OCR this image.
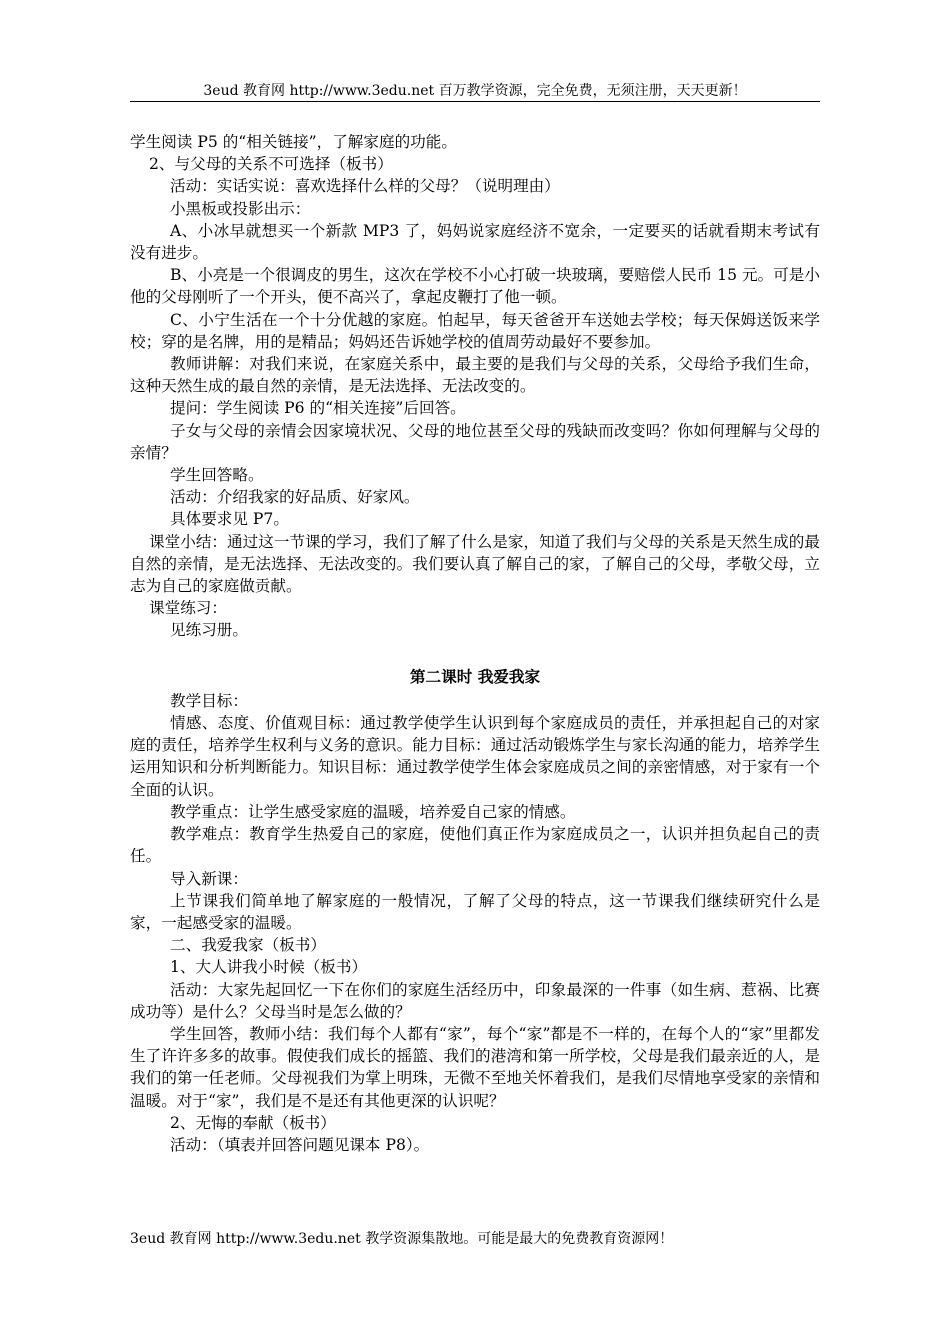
3eud 教育网 http://www.3edu.net 百万教学资源，完全免费，无须注册，天天更新！

学生阅读 P5 的“相关链接”，了解家庭的功能。

2、与父母的关系不可选择（板书）

活动：实话实说：喜欢选择什么样的父母？（说明理由）

小黑板或投影出示：

A、小冰早就想买一个新款 MP3 了，妈妈说家庭经济不宽余，一定要买的话就看期末考试有没有进步。

B、小亮是一个很调皮的男生，这次在学校不小心打破一块玻璃，要赔偿人民币 15 元。可是小他的父母刚听了一个开头，便不高兴了，拿起皮鞭打了他一顿。

C、小宁生活在一个十分优越的家庭。怕起早，每天爸爸开车送她去学校；每天保姆送饭来学校；穿的是名牌，用的是精品；妈妈还告诉她学校的值周劳动最好不要参加。

教师讲解：对我们来说，在家庭关系中，最主要的是我们与父母的关系，父母给予我们生命，这种天然生成的最自然的亲情，是无法选择、无法改变的。

提问：学生阅读 P6 的“相关连接”后回答。

子女与父母的亲情会因家境状况、父母的地位甚至父母的残缺而改变吗？你如何理解与父母的亲情？

学生回答略。

活动：介绍我家的好品质、好家风。

具体要求见 P7。

课堂小结：通过这一节课的学习，我们了解了什么是家，知道了我们与父母的关系是天然生成的最自然的亲情，是无法选择、无法改变的。我们要认真了解自己的家，了解自己的父母，孝敬父母，立志为自己的家庭做贡献。

课堂练习：

见练习册。

第二课时 我爱我家

教学目标：

情感、态度、价值观目标：通过教学使学生认识到每个家庭成员的责任，并承担起自己的对家庭的责任，培养学生权利与义务的意识。能力目标：通过活动锻炼学生与家长沟通的能力，培养学生运用知识和分析判断能力。知识目标：通过教学使学生体会家庭成员之间的亲密情感，对于家有一个全面的认识。

教学重点：让学生感受家庭的温暖，培养爱自己家的情感。

教学难点：教育学生热爱自己的家庭，使他们真正作为家庭成员之一，认识并担负起自己的责任。

导入新课：

上节课我们简单地了解家庭的一般情况，了解了父母的特点，这一节课我们继续研究什么是家，一起感受家的温暖。

二、我爱我家（板书）

1、大人讲我小时候（板书）

活动：大家先起回忆一下在你们的家庭生活经历中，印象最深的一件事（如生病、惹祸、比赛成功等）是什么？父母当时是怎么做的？

学生回答，教师小结：我们每个人都有“家”，每个“家”都是不一样的，在每个人的“家”里都发生了许许多多的故事。假使我们成长的摇篮、我们的港湾和第一所学校，父母是我们最亲近的人，是我们的第一任老师。父母视我们为掌上明珠，无微不至地关怀着我们，是我们尽情地享受家的亲情和温暖。对于“家”，我们是不是还有其他更深的认识呢？

2、无悔的奉献（板书）

活动：（填表并回答问题见课本 P8）。

3eud 教育网 http://www.3edu.net 教学资源集散地。可能是最大的免费教育资源网！
